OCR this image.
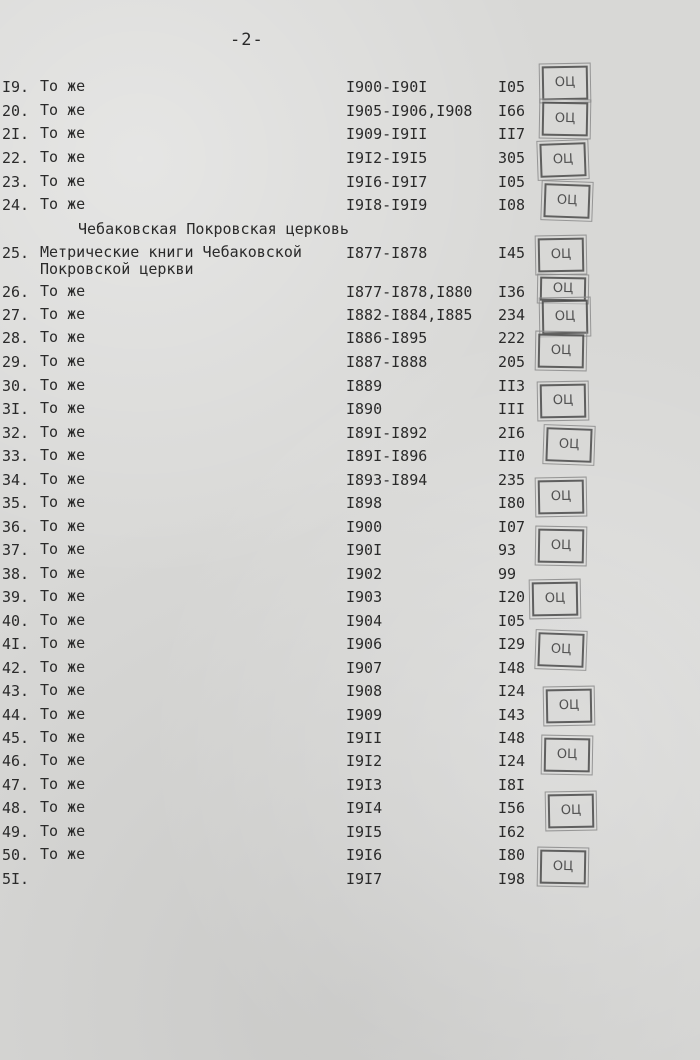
-2-
Чебаковская Покровская церковь
I9. То же	I900-I90I	I05
20. То же	I905-I906,I908 I66
2I. То же	I909-I9II	II7
22. То же	I9I2-I9I5	305
23. То же	I9I6-I9I7	I05
24. То же	I9I8-I9I9	I08
25. Метрические книги Чебаковской
Покровской церкви
I877-I878	I45
26. То же	I877-I878,I880 I36
27. То же	I882-I884,I885 234
28. То же	I886-I895	222
29. То же	I887-I888	205
30. То же	I889	II3
3I. То же	I890	III
32. То же	I89I-I892	2I6
33. То же	I89I-I896	II0
34. То же	I893-I894	235
35. То же	I898	I80
36. То же	I900	I07
37. То же	I90I	93
38. То же	I902	99
39. То же	I903	I20
40. То же	I904	I05
4I. То же	I906	I29
42. То же	I907	I48
43. То же	I908	I24
44. То же	I909	I43
45. То же	I9II	I48
46. То же	I9I2	I24
47. То же	I9I3	I8I
48. То же	I9I4	I56
49. То же	I9I5	I62
50. То же	I9I6	I80
5I.	I9I7	I98
ОЦ
ОЦ
ОЦ
ОЦ
ОЦ
ОЦ
ОЦ
ОЦ
ОЦ
ОЦ
ОЦ
ОЦ
ОЦ
ОЦ
ОЦ
ОЦ
ОЦ
ОЦ
